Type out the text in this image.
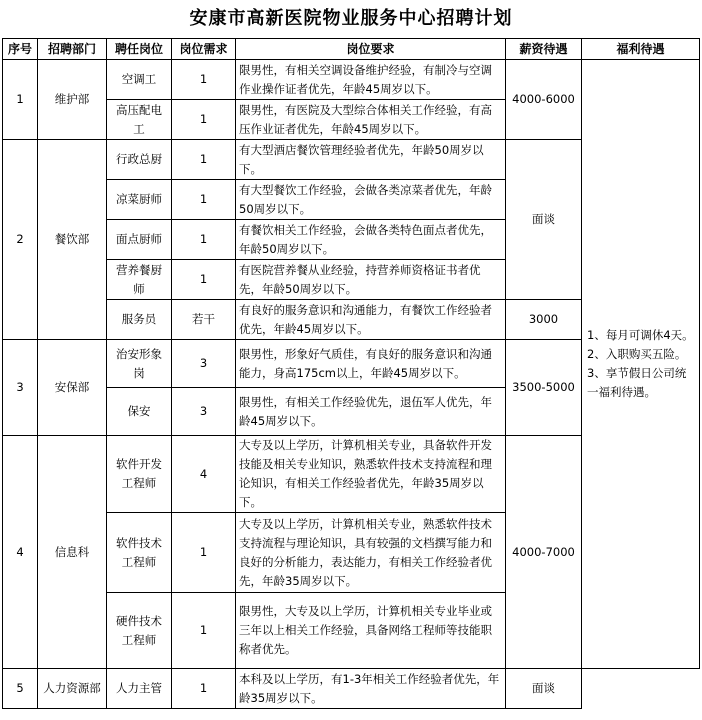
安康市高新医院物业服务中心招聘计划
序号	招聘部门	聘任岗位	岗位需求	岗位要求	薪资待遇	福利待遇
1	维护部	空调工	1	限男性，有相关空调设备维护经验，有制冷与空调作业操作证者优先，年龄45周岁以下。	4000-6000	1、每月可调休4天。
2、入职购买五险。
3、享节假日公司统一福利待遇。

		高压配电工	1	限男性，有医院及大型综合体相关工作经验，有高压作业证者优先，年龄45周岁以下。		
2	餐饮部	行政总厨	1	有大型酒店餐饮管理经验者优先，年龄50周岁以下。	面谈	
		凉菜厨师	1	有大型餐饮工作经验，会做各类凉菜者优先，年龄50周岁以下。		
		面点厨师	1	有餐饮相关工作经验，会做各类特色面点者优先，年龄50周岁以下。		
		营养餐厨师	1	有医院营养餐从业经验，持营养师资格证书者优先，年龄50周岁以下。		
		服务员	若干	有良好的服务意识和沟通能力，有餐饮工作经验者优先，年龄45周岁以下。	3000	
3	安保部	治安形象岗	3	限男性，形象好气质佳，有良好的服务意识和沟通能力，身高175cm以上，年龄45周岁以下。	3500-5000	
		保安	3	限男性，有相关工作经验优先，退伍军人优先，年龄45周岁以下。		
4	信息科	软件开发工程师	4	大专及以上学历，计算机相关专业，具备软件开发技能及相关专业知识，熟悉软件技术支持流程和理论知识，有相关工作经验者优先，年龄35周岁以下。	4000-7000	
		软件技术工程师	1	大专及以上学历，计算机相关专业，熟悉软件技术支持流程与理论知识，具有较强的文档撰写能力和良好的分析能力，表达能力，有相关工作经验者优先，年龄35周岁以下。		
		硬件技术工程师	1	限男性，大专及以上学历，计算机相关专业毕业或三年以上相关工作经验，具备网络工程师等技能职称者优先。		
5	人力资源部	人力主管	1	本科及以上学历，有1-3年相关工作经验者优先，年龄35周岁以下。	面谈	
